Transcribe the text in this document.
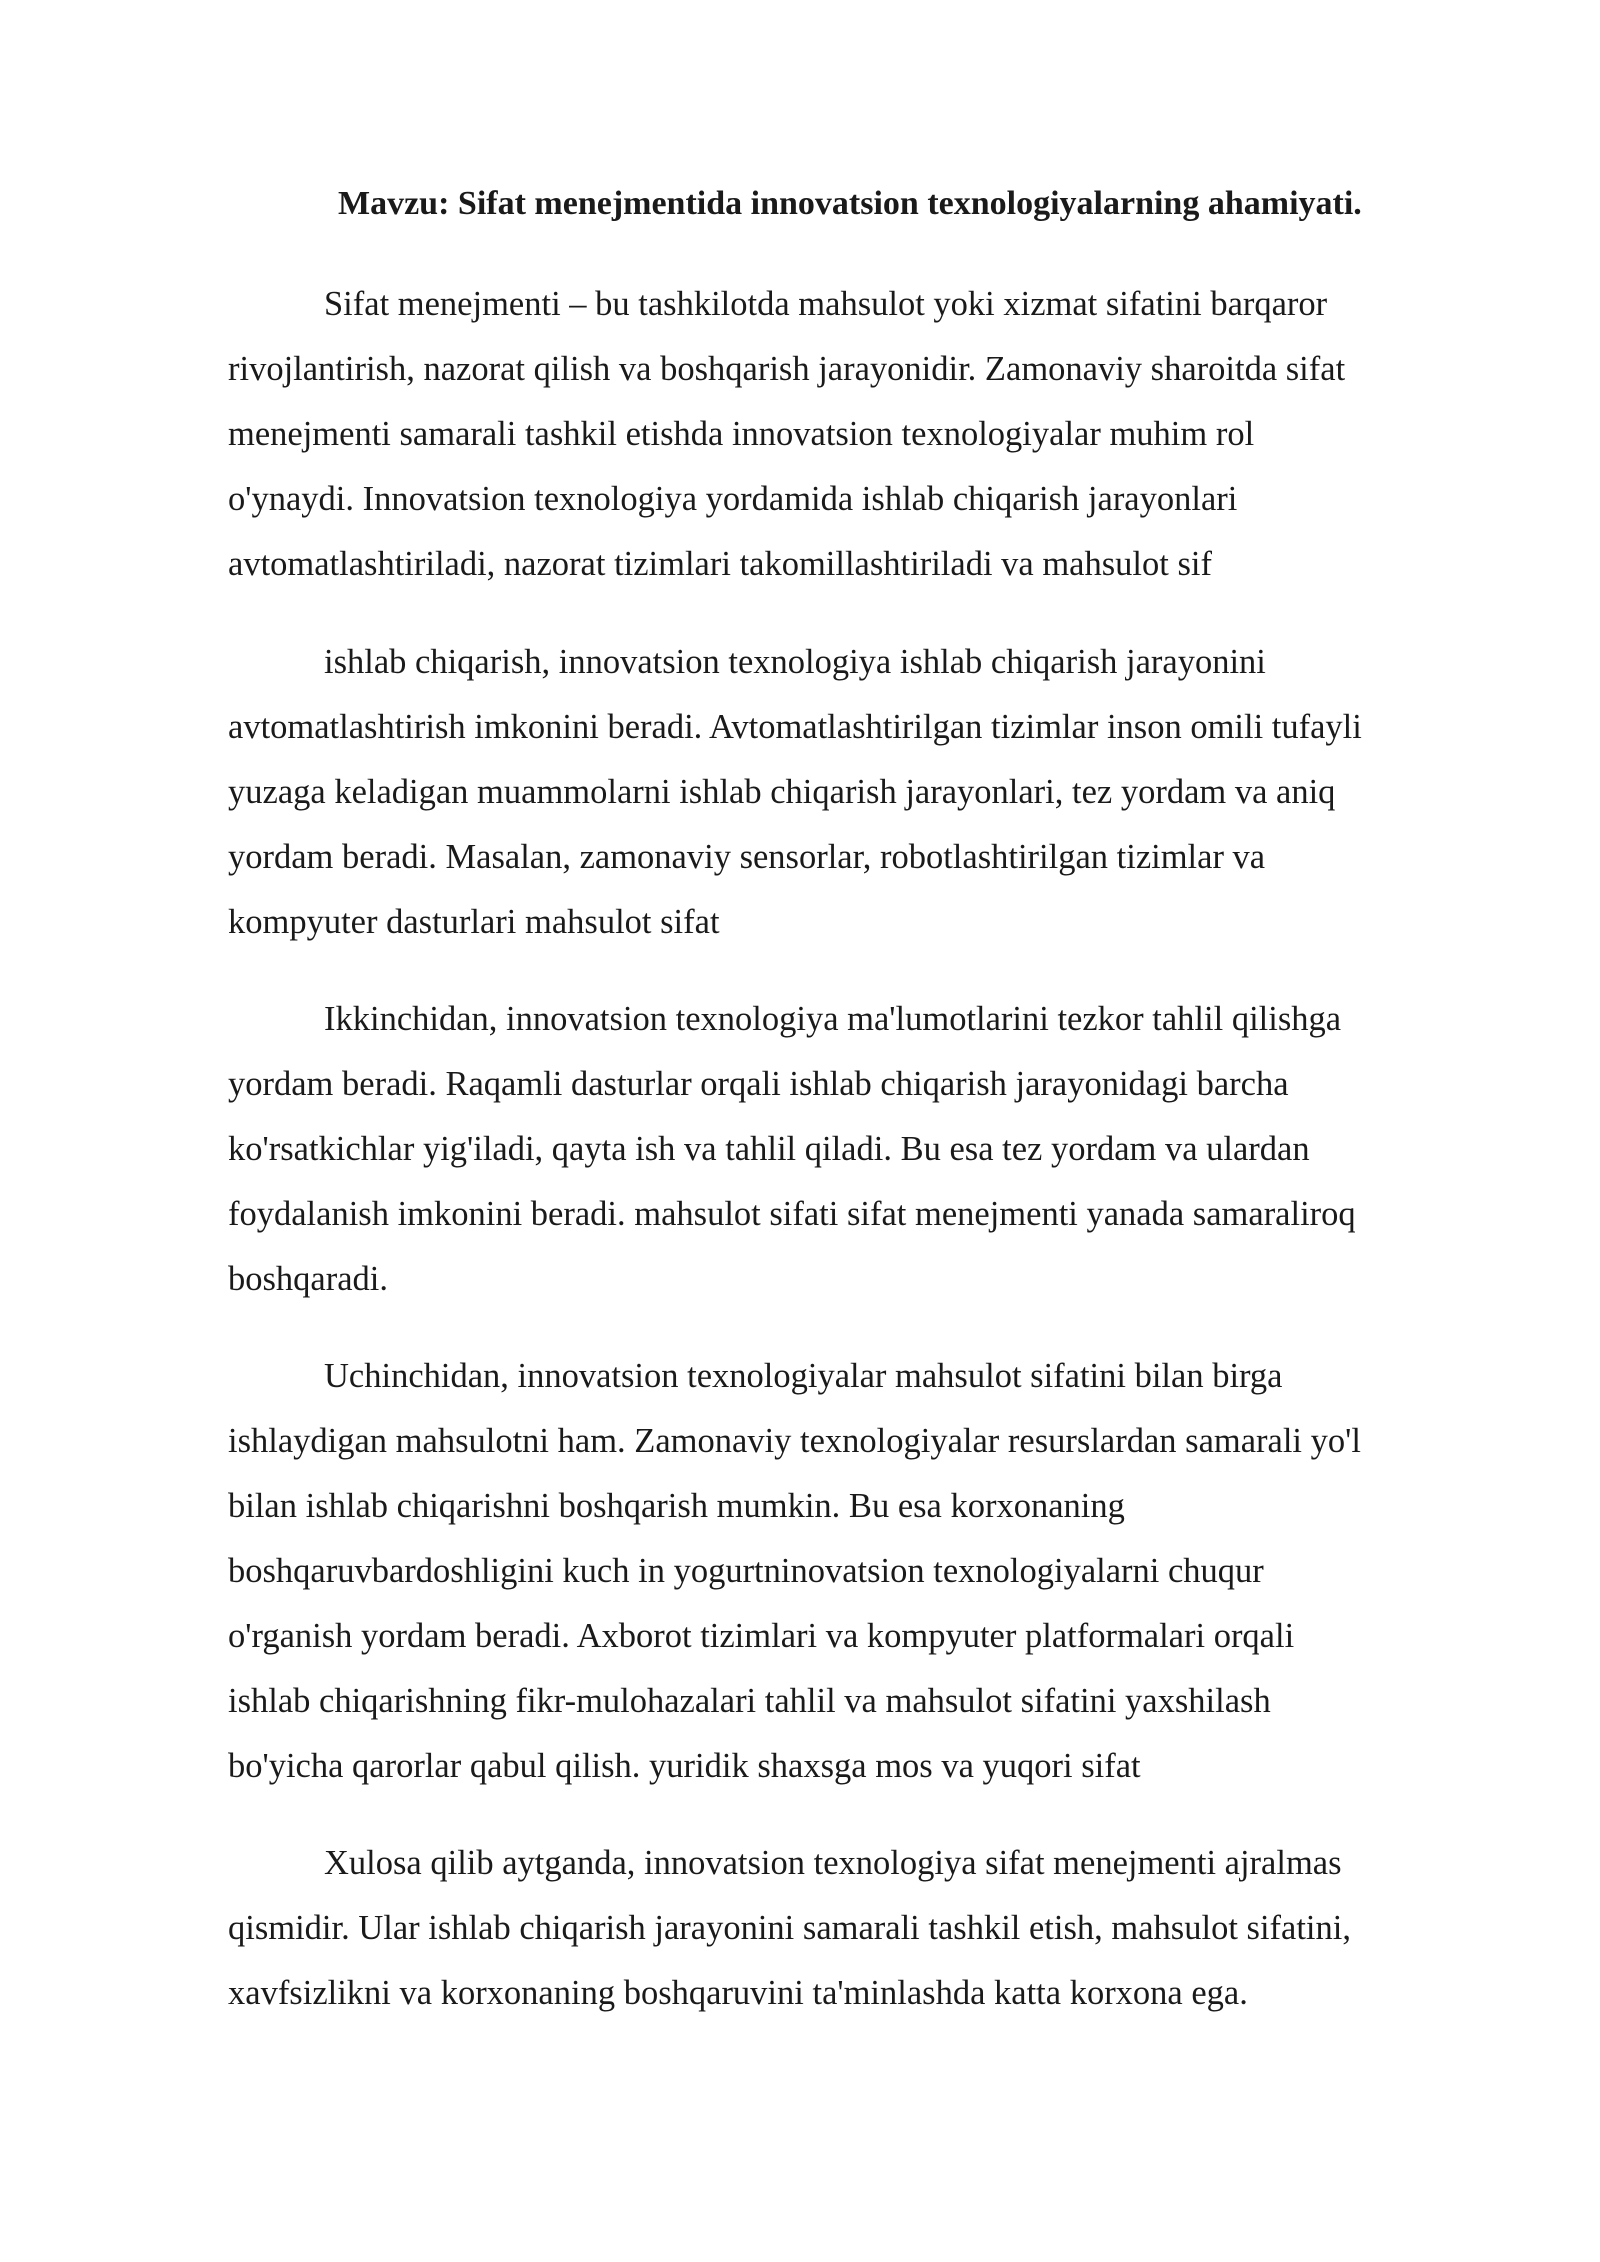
Mavzu: Sifat menejmentida innovatsion texnologiyalarning ahamiyati.

Sifat menejmenti – bu tashkilotda mahsulot yoki xizmat sifatini barqaror
rivojlantirish, nazorat qilish va boshqarish jarayonidir. Zamonaviy sharoitda sifat
menejmenti samarali tashkil etishda innovatsion texnologiyalar muhim rol
o'ynaydi. Innovatsion texnologiya yordamida ishlab chiqarish jarayonlari
avtomatlashtiriladi, nazorat tizimlari takomillashtiriladi va mahsulot sif

ishlab chiqarish, innovatsion texnologiya ishlab chiqarish jarayonini
avtomatlashtirish imkonini beradi. Avtomatlashtirilgan tizimlar inson omili tufayli
yuzaga keladigan muammolarni ishlab chiqarish jarayonlari, tez yordam va aniq
yordam beradi. Masalan, zamonaviy sensorlar, robotlashtirilgan tizimlar va
kompyuter dasturlari mahsulot sifat

Ikkinchidan, innovatsion texnologiya ma'lumotlarini tezkor tahlil qilishga
yordam beradi. Raqamli dasturlar orqali ishlab chiqarish jarayonidagi barcha
ko'rsatkichlar yig'iladi, qayta ish va tahlil qiladi. Bu esa tez yordam va ulardan
foydalanish imkonini beradi. mahsulot sifati sifat menejmenti yanada samaraliroq
boshqaradi.

Uchinchidan, innovatsion texnologiyalar mahsulot sifatini bilan birga
ishlaydigan mahsulotni ham. Zamonaviy texnologiyalar resurslardan samarali yo'l
bilan ishlab chiqarishni boshqarish mumkin. Bu esa korxonaning
boshqaruvbardoshligini kuch in yogurtninovatsion texnologiyalarni chuqur
o'rganish yordam beradi. Axborot tizimlari va kompyuter platformalari orqali
ishlab chiqarishning fikr-mulohazalari tahlil va mahsulot sifatini yaxshilash
bo'yicha qarorlar qabul qilish. yuridik shaxsga mos va yuqori sifat

Xulosa qilib aytganda, innovatsion texnologiya sifat menejmenti ajralmas
qismidir. Ular ishlab chiqarish jarayonini samarali tashkil etish, mahsulot sifatini,
xavfsizlikni va korxonaning boshqaruvini ta'minlashda katta korxona ega.
